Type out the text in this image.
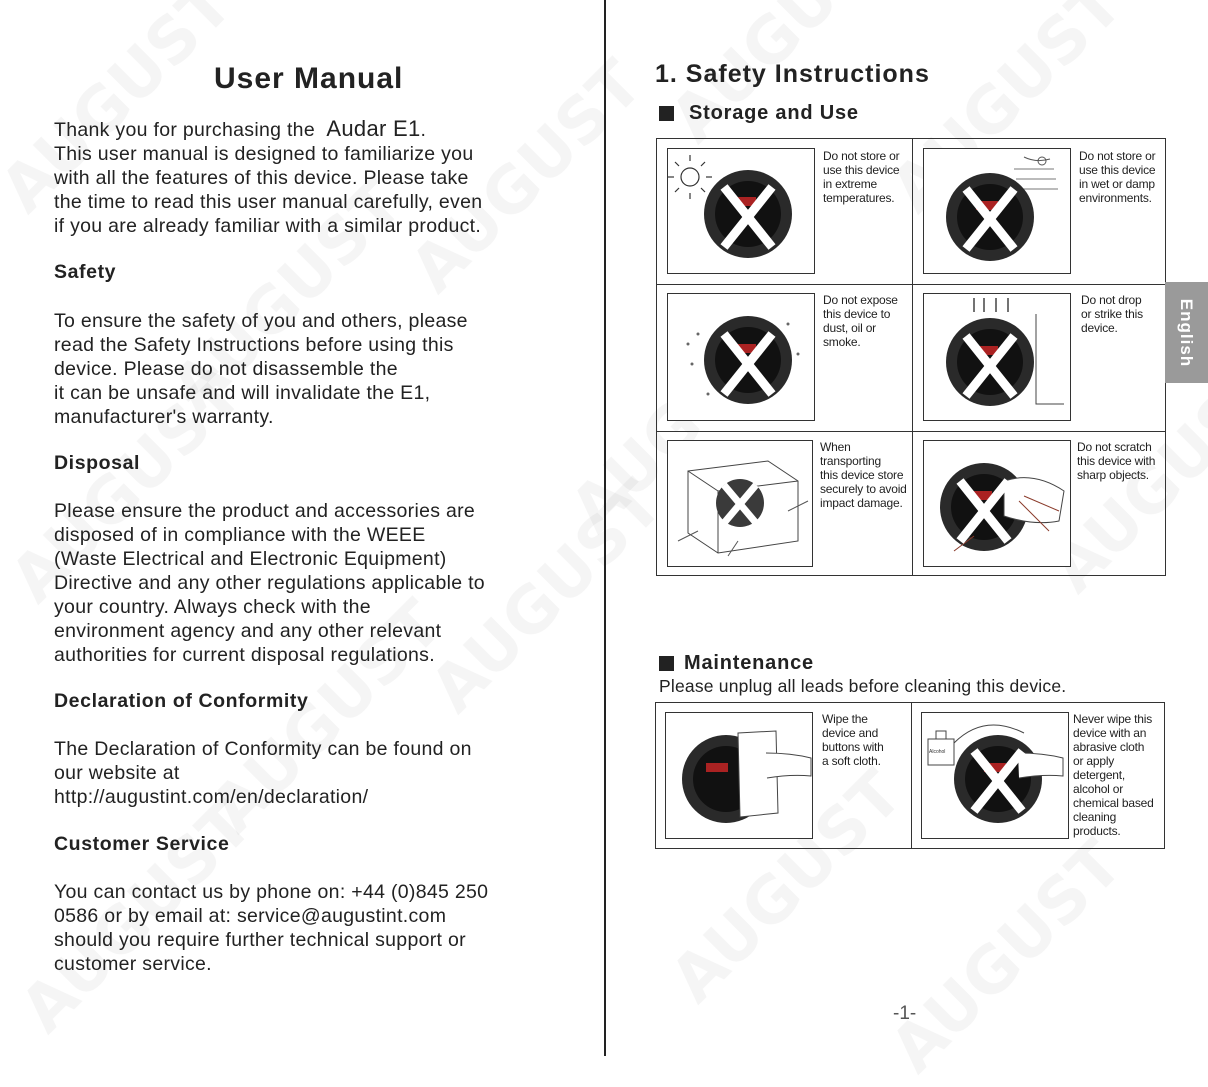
User Manual

Thank you for purchasing the Audar E1.

This user manual is designed to familiarize you
with all the features of this device. Please take
the time to read this user manual carefully, even
if you are already familiar with a similar product.

Safety

To ensure the safety of you and others, please
read the Safety Instructions before using this
device. Please do not disassemble the
it can be unsafe and will invalidate the E1,
manufacturer's warranty.

Disposal

Please ensure the product and accessories are
disposed of in compliance with the WEEE
(Waste Electrical and Electronic Equipment)
Directive and any other regulations applicable to
your country. Always check with the
environment agency and any other relevant
authorities for current disposal regulations.

Declaration of Conformity

The Declaration of Conformity can be found on
our website at
http://augustint.com/en/declaration/

Customer Service

You can contact us by phone on: +44 (0)845 250
0586 or by email at: service@augustint.com
should you require further technical support or
customer service.

1. Safety Instructions
Storage and Use
Do not store or
use this device
in extreme
temperatures.
Do not store or
use this device
in wet or damp
environments.
Do not expose
this device to
dust, oil or
smoke.
Do not drop
or strike this
device.
When transporting
this device store
securely to avoid
impact damage.
Do not scratch
this device with
sharp objects.
Maintenance

Please unplug all leads before cleaning this device.

Wipe the
device and
buttons with
a soft cloth.
Alcohol
Never wipe this
device with an
abrasive cloth
or apply
detergent,
alcohol or
chemical based
cleaning
products.
English

-1-
